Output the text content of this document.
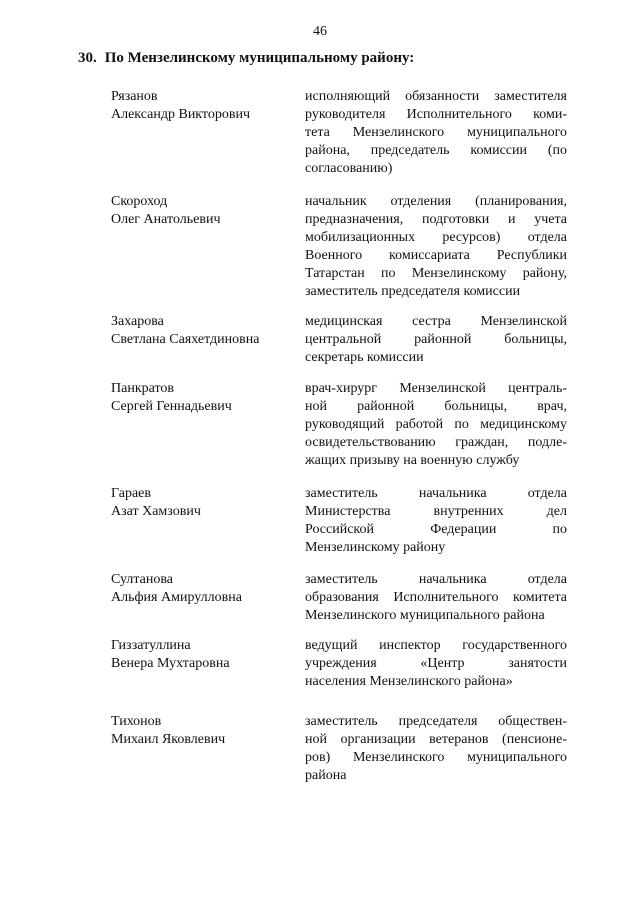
46
30. По Мензелинскому муниципальному району:
Рязанов
Александр Викторович
исполняющий обязанности заместителя
руководителя Исполнительного коми-
тета Мензелинского муниципального
района, председатель комиссии (по
согласованию)
Скороход
Олег Анатольевич
начальник отделения (планирования,
предназначения, подготовки и учета
мобилизационных ресурсов) отдела
Военного комиссариата Республики
Татарстан по Мензелинскому району,
заместитель председателя комиссии
Захарова
Светлана Саяхетдиновна
медицинская сестра Мензелинской
центральной районной больницы,
секретарь комиссии
Панкратов
Сергей Геннадьевич
врач-хирург Мензелинской централь-
ной районной больницы, врач,
руководящий работой по медицинскому
освидетельствованию граждан, подле-
жащих призыву на военную службу
Гараев
Азат Хамзович
заместитель начальника отдела
Министерства внутренних дел
Российской Федерации по
Мензелинскому району
Султанова
Альфия Амирулловна
заместитель начальника отдела
образования Исполнительного комитета
Мензелинского муниципального района
Гиззатуллина
Венера Мухтаровна
ведущий инспектор государственного
учреждения «Центр занятости
населения Мензелинского района»
Тихонов
Михаил Яковлевич
заместитель председателя обществен-
ной организации ветеранов (пенсионе-
ров) Мензелинского муниципального
района
